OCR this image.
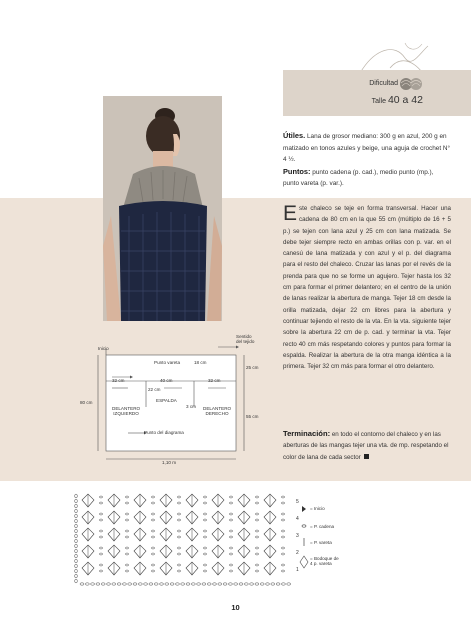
Dificultad
Talle 40 a 42
Útiles. Lana de grosor mediano: 300 g en azul, 200 g en matizado en tonos azules y beige, una aguja de crochet N° 4 ½.
Puntos: punto cadena (p. cad.), medio punto (mp.), punto vareta (p. var.).
Este chaleco se teje en forma transversal. Hacer una cadena de 80 cm en la que 55 cm (múltiplo de 16 + 5 p.) se tejen con lana azul y 25 cm con lana matizada. Se debe tejer siempre recto en ambas orillas con p. var. en el canesú de lana matizada y con azul y el p. del diagrama para el resto del chaleco. Cruzar las lanas por el revés de la prenda para que no se forme un agujero. Tejer hasta los 32 cm para formar el primer delantero; en el centro de la unión de lanas realizar la abertura de manga. Tejer 18 cm desde la orilla matizada, dejar 22 cm libres para la abertura y continuar tejiendo el resto de la vta. En la vta. siguiente tejer sobre la abertura 22 cm de p. cad. y terminar la vta. Tejer recto 40 cm más respetando colores y puntos para formar la espalda. Realizar la abertura de la otra manga idéntica a la primera. Tejer 32 cm más para formar el otro delantero.
Terminación: en todo el contorno del chaleco y en las aberturas de las mangas tejer una vta. de mp. respetando el color de lana de cada sector
Inicio
Sentido
del tejido
Punto vareta	18 cm
25 cm
32 cm	40 cm	32 cm
22 cm
ESPALDA
80 cm
DELANTERO
IZQUIERDO
3 cm DELANTERO
DERECHO
55 cm
Punto del diagrama
1,10 m
5
4
3
2
1
= Inicio
= P. cadena
= P. vareta
= Bodoque de
4 p. vareta
10
